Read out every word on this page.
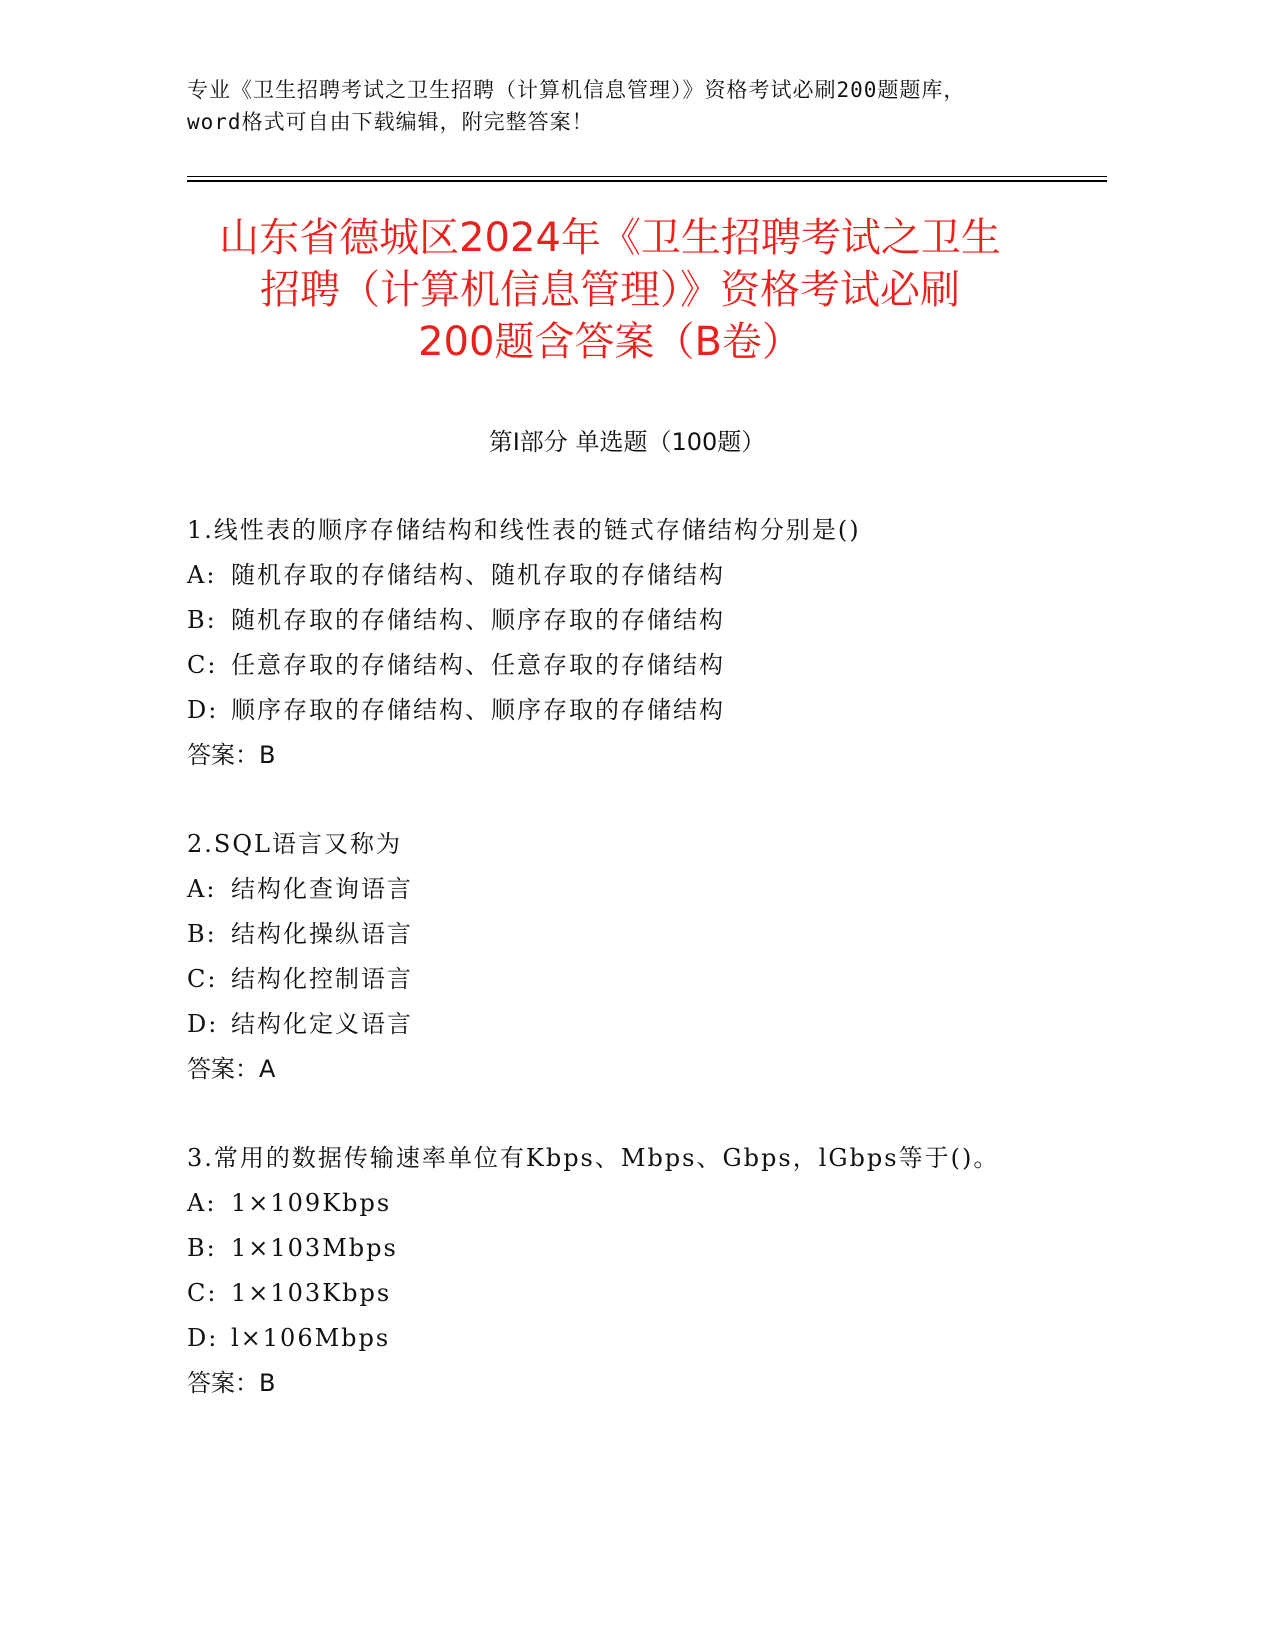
专业《卫生招聘考试之卫生招聘（计算机信息管理）》资格考试必刷200题题库，
word格式可自由下载编辑，附完整答案！
山东省德城区2024年《卫生招聘考试之卫生
招聘（计算机信息管理）》资格考试必刷
200题含答案（B卷）
第Ⅰ部分 单选题（100题）
1.线性表的顺序存储结构和线性表的链式存储结构分别是()
A: 随机存取的存储结构、随机存取的存储结构
B: 随机存取的存储结构、顺序存取的存储结构
C: 任意存取的存储结构、任意存取的存储结构
D: 顺序存取的存储结构、顺序存取的存储结构
答案：B
2.SQL语言又称为
A: 结构化查询语言
B: 结构化操纵语言
C: 结构化控制语言
D: 结构化定义语言
答案：A
3.常用的数据传输速率单位有Kbps、Mbps、Gbps，lGbps等于()。
A: 1×109Kbps
B: 1×103Mbps
C: 1×103Kbps
D: l×106Mbps
答案：B
